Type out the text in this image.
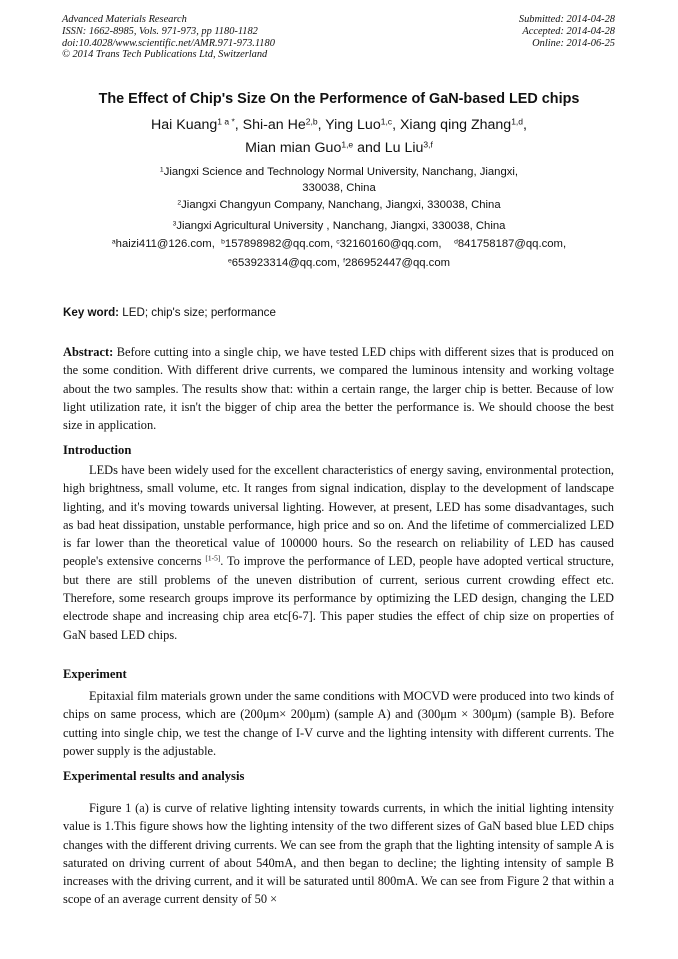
Advanced Materials Research
ISSN: 1662-8985, Vols. 971-973, pp 1180-1182
doi:10.4028/www.scientific.net/AMR.971-973.1180
© 2014 Trans Tech Publications Ltd, Switzerland
Submitted: 2014-04-28
Accepted: 2014-04-28
Online: 2014-06-25
The Effect of Chip's Size On the Performence of GaN-based LED chips
Hai Kuang$^{1 a *}$, Shi-an He$^{2,b}$, Ying Luo$^{1,c}$, Xiang qing Zhang$^{1,d}$,
Mian mian Guo$^{1,e}$ and Lu Liu$^{3,f}$
$^1$Jiangxi Science and Technology Normal University, Nanchang, Jiangxi,
330038, China
$^2$Jiangxi Changyun Company, Nanchang, Jiangxi, 330038, China
$^3$Jiangxi Agricultural University , Nanchang, Jiangxi, 330038, China
$^a$haizi411@126.com, $^b$157898982@qq.com, $^c$32160160@qq.com, $^d$841758187@qq.com,
$^e$653923314@qq.com, $^f$286952447@qq.com
Key word: LED; chip's size; performance
Abstract: Before cutting into a single chip, we have tested LED chips with different sizes that is produced on the some condition. With different drive currents, we compared the luminous intensity and working voltage about the two samples. The results show that: within a certain range, the larger chip is better. Because of low light utilization rate, it isn't the bigger of chip area the better the performance is. We should choose the best size in application.
Introduction
LEDs have been widely used for the excellent characteristics of energy saving, environmental protection, high brightness, small volume, etc. It ranges from signal indication, display to the development of landscape lighting, and it's moving towards universal lighting. However, at present, LED has some disadvantages, such as bad heat dissipation, unstable performance, high price and so on. And the lifetime of commercialized LED is far lower than the theoretical value of 100000 hours. So the research on reliability of LED has caused people's extensive concerns [1-5]. To improve the performance of LED, people have adopted vertical structure, but there are still problems of the uneven distribution of current, serious current crowding effect etc. Therefore, some research groups improve its performance by optimizing the LED design, changing the LED electrode shape and increasing chip area etc[6-7]. This paper studies the effect of chip size on properties of GaN based LED chips.
Experiment
Epitaxial film materials grown under the same conditions with MOCVD were produced into two kinds of chips on same process, which are (200μm× 200μm) (sample A) and (300μm × 300μm) (sample B). Before cutting into single chip, we test the change of I-V curve and the lighting intensity with different currents. The power supply is the adjustable.
Experimental results and analysis
Figure 1 (a) is curve of relative lighting intensity towards currents, in which the initial lighting intensity value is 1.This figure shows how the lighting intensity of the two different sizes of GaN based blue LED chips changes with the different driving currents. We can see from the graph that the lighting intensity of sample A is saturated on driving current of about 540mA, and then began to decline; the lighting intensity of sample B increases with the driving current, and it will be saturated until 800mA. We can see from Figure 2 that within a scope of an average current density of 50 ×
